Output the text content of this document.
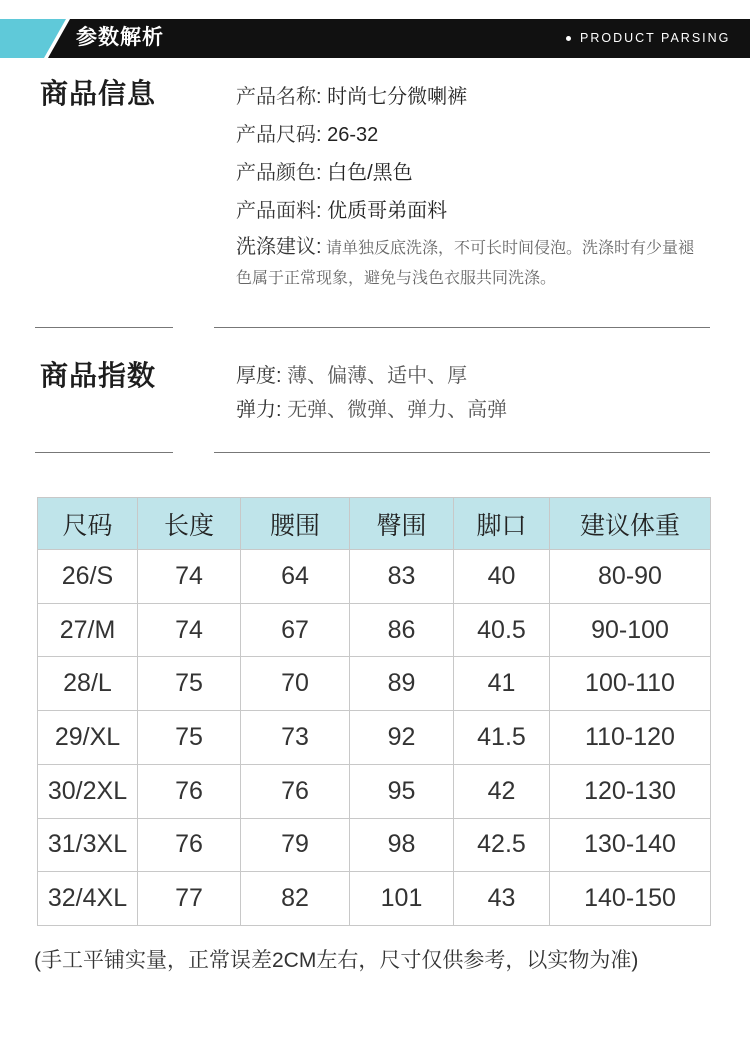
参数解析	PRODUCT PARSING
商品信息	产品名称: 时尚七分微喇裤
产品尺码: 26-32
产品颜色: 白色/黑色
产品面料: 优质哥弟面料
洗涤建议: 请单独反底洗涤，不可长时间侵泡。洗涤时有少量褪色属于正常现象，避免与浅色衣服共同洗涤。
商品指数	厚度: 薄、偏薄、适中、厚
弹力: 无弹、微弹、弹力、高弹
尺码	长度	腰围	臀围	脚口	建议体重
26/S	74	64	83	40	80-90
27/M	74	67	86	40.5	90-100
28/L	75	70	89	41	100-110
29/XL	75	73	92	41.5	110-120
30/2XL	76	76	95	42	120-130
31/3XL	76	79	98	42.5	130-140
32/4XL	77	82	101	43	140-150
(手工平铺实量，正常误差2CM左右，尺寸仅供参考，以实物为准)
